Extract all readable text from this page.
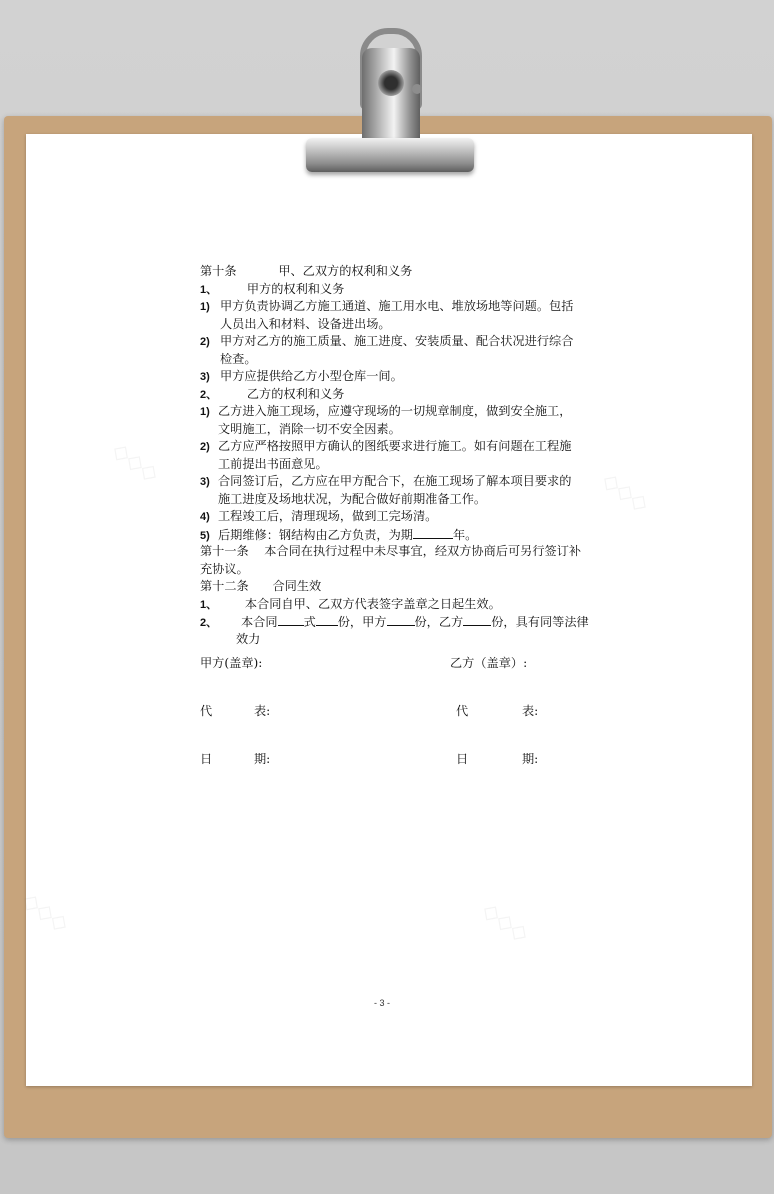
◇◇◇
◇◇◇
◇◇◇	◇◇◇
第十条	甲、乙双方的权利和义务
1、 甲方的权利和义务
1) 甲方负责协调乙方施工通道、施工用水电、堆放场地等问题。包括
人员出入和材料、设备进出场。
2) 甲方对乙方的施工质量、施工进度、安装质量、配合状况进行综合
检查。
3) 甲方应提供给乙方小型仓库一间。
2、 乙方的权利和义务
1) 乙方进入施工现场，应遵守现场的一切规章制度，做到安全施工，
文明施工，消除一切不安全因素。
2) 乙方应严格按照甲方确认的图纸要求进行施工。如有问题在工程施
工前提出书面意见。
3) 合同签订后，乙方应在甲方配合下，在施工现场了解本项目要求的
施工进度及场地状况，为配合做好前期准备工作。
4) 工程竣工后，清理现场，做到工完场清。
5) 后期维修：钢结构由乙方负责，为期	年。
第十一条    本合同在执行过程中未尽事宜，经双方协商后可另行签订补
充协议。
第十二条 合同生效
1、 本合同自甲、乙双方代表签字盖章之日起生效。
2、 本合同 式 份，甲方 份，乙方 份，具有同等法律
效力
甲方(盖章):	乙方（盖章）:
代	表:	代	表:
日	期:	日	期:
- 3 -
